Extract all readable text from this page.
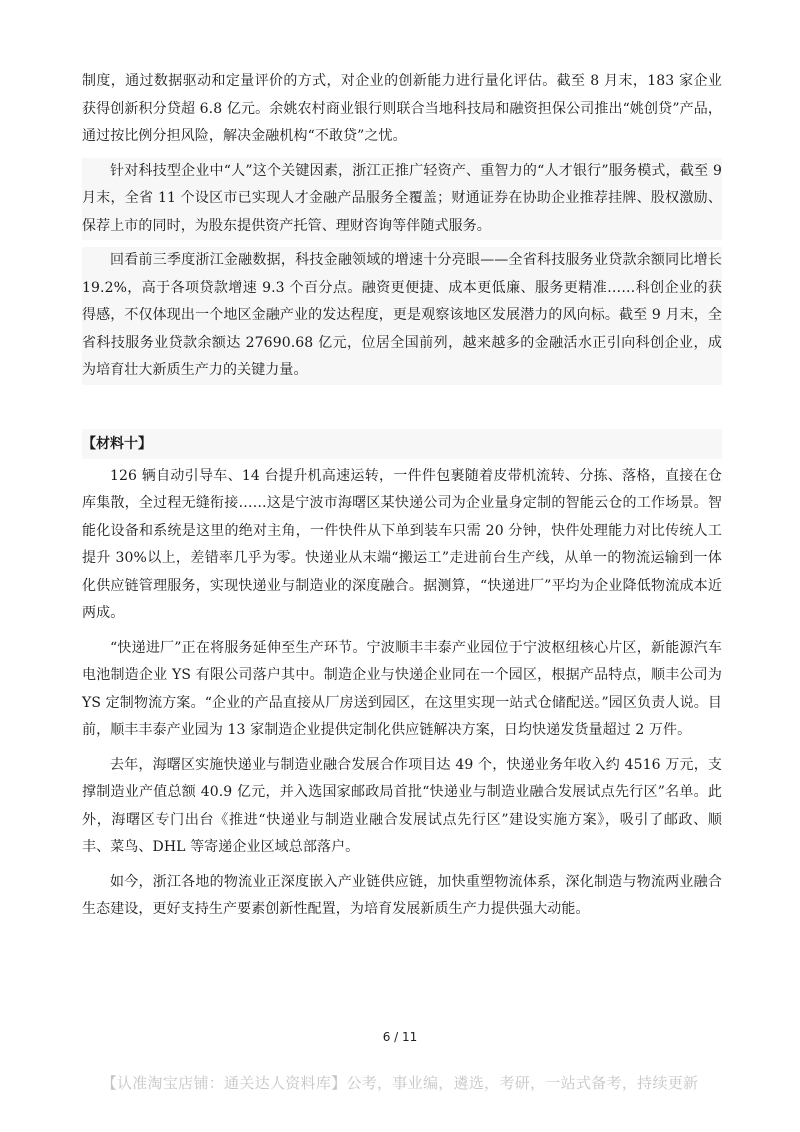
制度，通过数据驱动和定量评价的方式，对企业的创新能力进行量化评估。截至 8 月末，183 家企业获得创新积分贷超 6.8 亿元。余姚农村商业银行则联合当地科技局和融资担保公司推出“姚创贷”产品，通过按比例分担风险，解决金融机构“不敢贷”之忧。

针对科技型企业中“人”这个关键因素，浙江正推广轻资产、重智力的“人才银行”服务模式，截至 9 月末，全省 11 个设区市已实现人才金融产品服务全覆盖；财通证券在协助企业推荐挂牌、股权激励、保荐上市的同时，为股东提供资产托管、理财咨询等伴随式服务。

回看前三季度浙江金融数据，科技金融领域的增速十分亮眼——全省科技服务业贷款余额同比增长 19.2%，高于各项贷款增速 9.3 个百分点。融资更便捷、成本更低廉、服务更精准……科创企业的获得感，不仅体现出一个地区金融产业的发达程度，更是观察该地区发展潜力的风向标。截至 9 月末，全省科技服务业贷款余额达 27690.68 亿元，位居全国前列，越来越多的金融活水正引向科创企业，成为培育壮大新质生产力的关键力量。

【材料十】

126 辆自动引导车、14 台提升机高速运转，一件件包裹随着皮带机流转、分拣、落格，直接在仓库集散，全过程无缝衔接……这是宁波市海曙区某快递公司为企业量身定制的智能云仓的工作场景。智能化设备和系统是这里的绝对主角，一件快件从下单到装车只需 20 分钟，快件处理能力对比传统人工提升 30%以上，差错率几乎为零。快递业从末端“搬运工”走进前台生产线，从单一的物流运输到一体化供应链管理服务，实现快递业与制造业的深度融合。据测算，“快递进厂”平均为企业降低物流成本近两成。

“快递进厂”正在将服务延伸至生产环节。宁波顺丰丰泰产业园位于宁波枢纽核心片区，新能源汽车电池制造企业 YS 有限公司落户其中。制造企业与快递企业同在一个园区，根据产品特点，顺丰公司为 YS 定制物流方案。“企业的产品直接从厂房送到园区，在这里实现一站式仓储配送。”园区负责人说。目前，顺丰丰泰产业园为 13 家制造企业提供定制化供应链解决方案，日均快递发货量超过 2 万件。

去年，海曙区实施快递业与制造业融合发展合作项目达 49 个，快递业务年收入约 4516 万元，支撑制造业产值总额 40.9 亿元，并入选国家邮政局首批“快递业与制造业融合发展试点先行区”名单。此外，海曙区专门出台《推进“快递业与制造业融合发展试点先行区”建设实施方案》，吸引了邮政、顺丰、菜鸟、DHL 等寄递企业区域总部落户。

如今，浙江各地的物流业正深度嵌入产业链供应链，加快重塑物流体系，深化制造与物流两业融合生态建设，更好支持生产要素创新性配置，为培育发展新质生产力提供强大动能。

6 / 11
【认准淘宝店铺：通关达人资料库】公考，事业编，遴选，考研，一站式备考，持续更新
